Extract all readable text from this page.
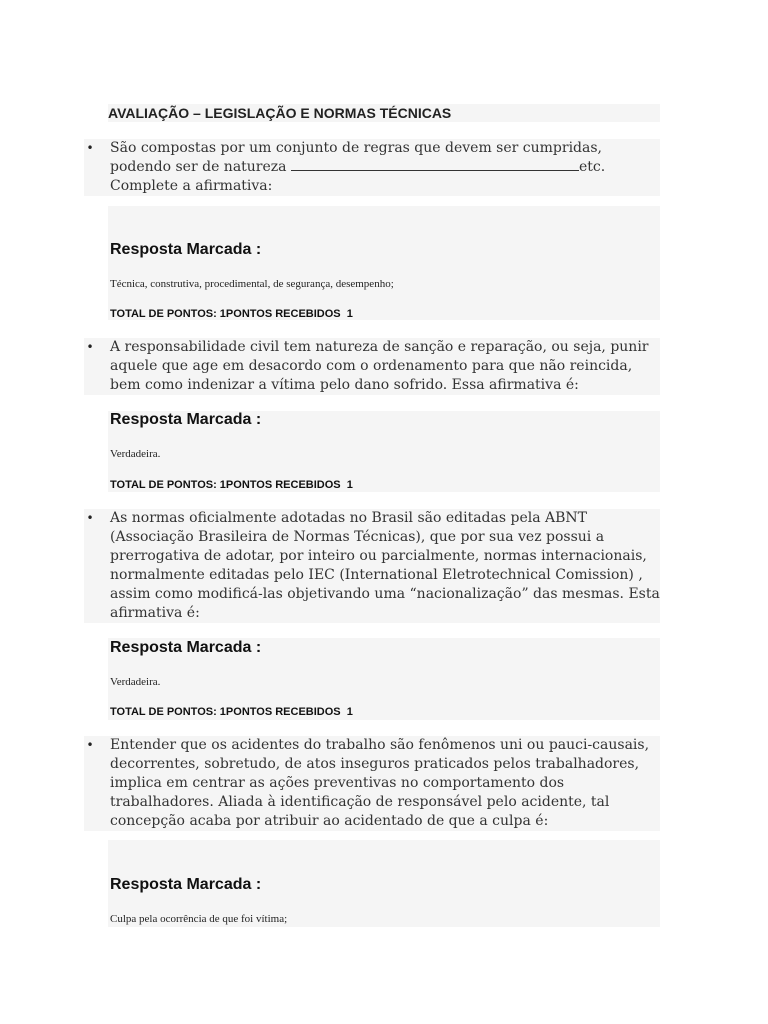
AVALIAÇÃO – LEGISLAÇÃO E NORMAS TÉCNICAS
• São compostas por um conjunto de regras que devem ser cumpridas, podendo ser de natureza	etc. Complete a afirmativa:
Resposta Marcada :
Técnica, construtiva, procedimental, de segurança, desempenho;
TOTAL DE PONTOS: 1PONTOS RECEBIDOS  1
• A responsabilidade civil tem natureza de sanção e reparação, ou seja, punir aquele que age em desacordo com o ordenamento para que não reincida, bem como indenizar a vítima pelo dano sofrido. Essa afirmativa é:
Resposta Marcada :
Verdadeira.
TOTAL DE PONTOS: 1PONTOS RECEBIDOS  1
• As normas oficialmente adotadas no Brasil são editadas pela ABNT (Associação Brasileira de Normas Técnicas), que por sua vez possui a prerrogativa de adotar, por inteiro ou parcialmente, normas internacionais, normalmente editadas pelo IEC (International Eletrotechnical Comission) , assim como modificá-las objetivando uma “nacionalização” das mesmas. Esta afirmativa é:
Resposta Marcada :
Verdadeira.
TOTAL DE PONTOS: 1PONTOS RECEBIDOS  1
• Entender que os acidentes do trabalho são fenômenos uni ou pauci-causais, decorrentes, sobretudo, de atos inseguros praticados pelos trabalhadores, implica em centrar as ações preventivas no comportamento dos trabalhadores. Aliada à identificação de responsável pelo acidente, tal concepção acaba por atribuir ao acidentado de que a culpa é:
Resposta Marcada :
Culpa pela ocorrência de que foi vítima;
